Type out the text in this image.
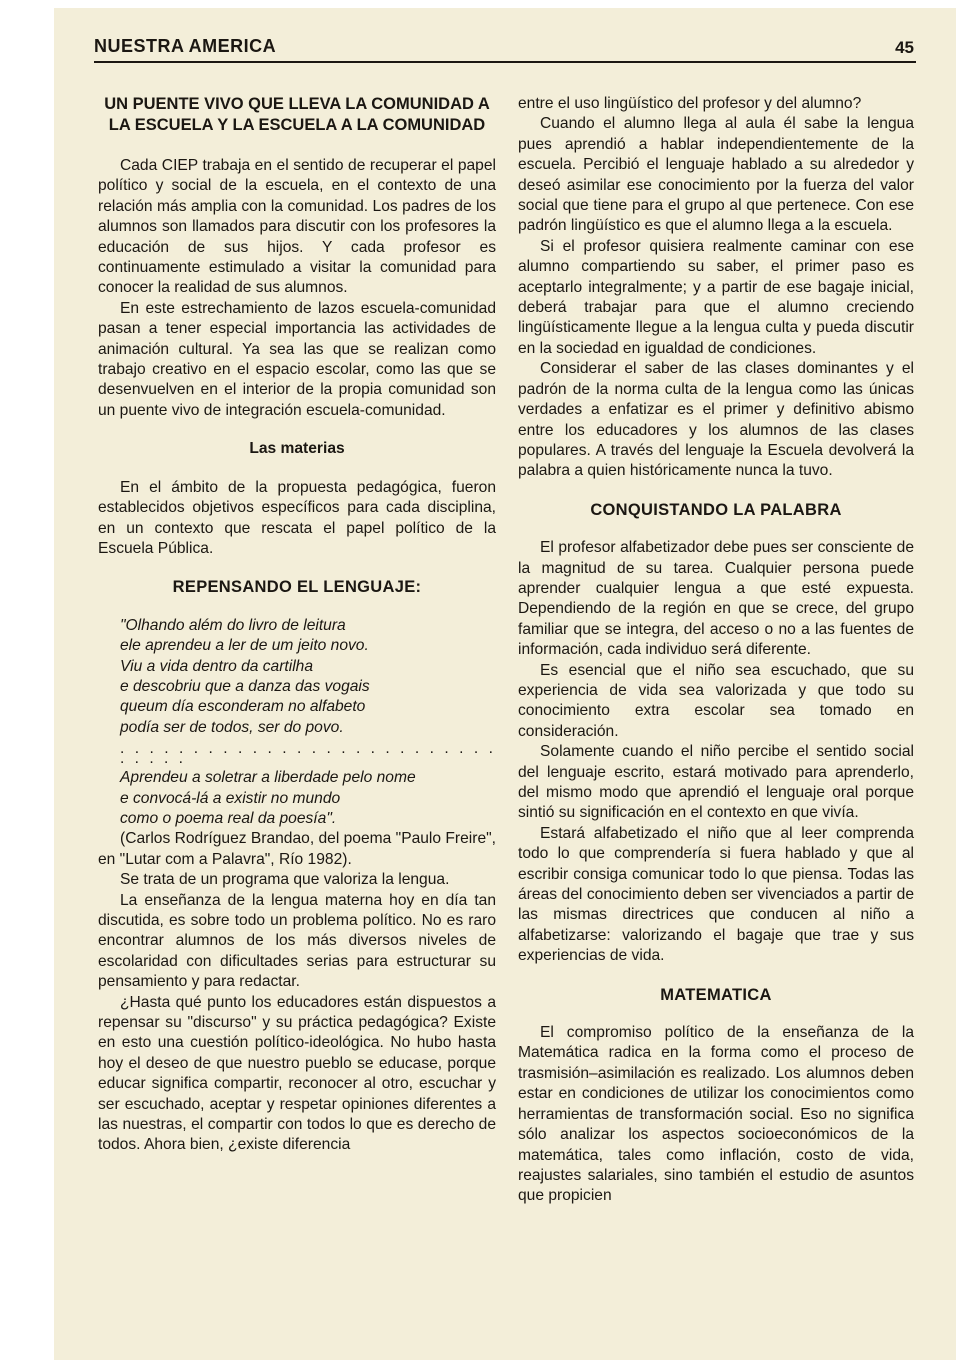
NUESTRA AMERICA	45
UN PUENTE VIVO QUE LLEVA LA COMUNIDAD A LA ESCUELA Y LA ESCUELA A LA COMUNIDAD

Cada CIEP trabaja en el sentido de recuperar el papel político y social de la escuela, en el contexto de una relación más amplia con la comunidad. Los padres de los alumnos son llamados para discutir con los profesores la educación de sus hijos. Y cada profesor es continuamente estimulado a visitar la comunidad para conocer la realidad de sus alumnos.

En este estrechamiento de lazos escuela-comunidad pasan a tener especial importancia las actividades de animación cultural. Ya sea las que se realizan como trabajo creativo en el espacio escolar, como las que se desenvuelven en el interior de la propia comunidad son un puente vivo de integración escuela-comunidad.

Las materias

En el ámbito de la propuesta pedagógica, fueron establecidos objetivos específicos para cada disciplina, en un contexto que rescata el papel político de la Escuela Pública.

REPENSANDO EL LENGUAJE:
"Olhando além do livro de leitura
ele aprendeu a ler de um jeito novo.
Viu a vida dentro da cartilha
e descobriu que a danza das vogais
queum día esconderam no alfabeto
podía ser de todos, ser do povo.
. . . . . . . . . . . . . . . . . . . . . . . . . . . . . . .
Aprendeu a soletrar a liberdade pelo nome
e convocá-lá a existir no mundo
como o poema real da poesía".

(Carlos Rodríguez Brandao, del poema "Paulo Freire", en "Lutar com a Palavra", Río 1982).

Se trata de un programa que valoriza la lengua.

La enseñanza de la lengua materna hoy en día tan discutida, es sobre todo un problema político. No es raro encontrar alumnos de los más diversos niveles de escolaridad con dificultades serias para estructurar su pensamiento y para redactar.

¿Hasta qué punto los educadores están dispuestos a repensar su "discurso" y su práctica pedagógica? Existe en esto una cuestión político-ideológica. No hubo hasta hoy el deseo de que nuestro pueblo se educase, porque educar significa compartir, reconocer al otro, escuchar y ser escuchado, aceptar y respetar opiniones diferentes a las nuestras, el compartir con todos lo que es derecho de todos. Ahora bien, ¿existe diferencia

entre el uso lingüístico del profesor y del alumno?

Cuando el alumno llega al aula él sabe la lengua pues aprendió a hablar independientemente de la escuela. Percibió el lenguaje hablado a su alrededor y deseó asimilar ese conocimiento por la fuerza del valor social que tiene para el grupo al que pertenece. Con ese padrón lingüístico es que el alumno llega a la escuela.

Si el profesor quisiera realmente caminar con ese alumno compartiendo su saber, el primer paso es aceptarlo integralmente; y a partir de ese bagaje inicial, deberá trabajar para que el alumno creciendo lingüísticamente llegue a la lengua culta y pueda discutir en la sociedad en igualdad de condiciones.

Considerar el saber de las clases dominantes y el padrón de la norma culta de la lengua como las únicas verdades a enfatizar es el primer y definitivo abismo entre los educadores y los alumnos de las clases populares. A través del lenguaje la Escuela devolverá la palabra a quien históricamente nunca la tuvo.

CONQUISTANDO LA PALABRA

El profesor alfabetizador debe pues ser consciente de la magnitud de su tarea. Cualquier persona puede aprender cualquier lengua a que esté expuesta. Dependiendo de la región en que se crece, del grupo familiar que se integra, del acceso o no a las fuentes de información, cada individuo será diferente.

Es esencial que el niño sea escuchado, que su experiencia de vida sea valorizada y que todo su conocimiento extra escolar sea tomado en consideración.

Solamente cuando el niño percibe el sentido social del lenguaje escrito, estará motivado para aprenderlo, del mismo modo que aprendió el lenguaje oral porque sintió su significación en el contexto en que vivía.

Estará alfabetizado el niño que al leer comprenda todo lo que comprendería si fuera hablado y que al escribir consiga comunicar todo lo que piensa. Todas las áreas del conocimiento deben ser vivenciados a partir de las mismas directrices que conducen al niño a alfabetizarse: valorizando el bagaje que trae y sus experiencias de vida.

MATEMATICA

El compromiso político de la enseñanza de la Matemática radica en la forma como el proceso de trasmisión–asimilación es realizado. Los alumnos deben estar en condiciones de utilizar los conocimientos como herramientas de transformación social. Eso no significa sólo analizar los aspectos socioeconómicos de la matemática, tales como inflación, costo de vida, reajustes salariales, sino también el estudio de asuntos que propicien
